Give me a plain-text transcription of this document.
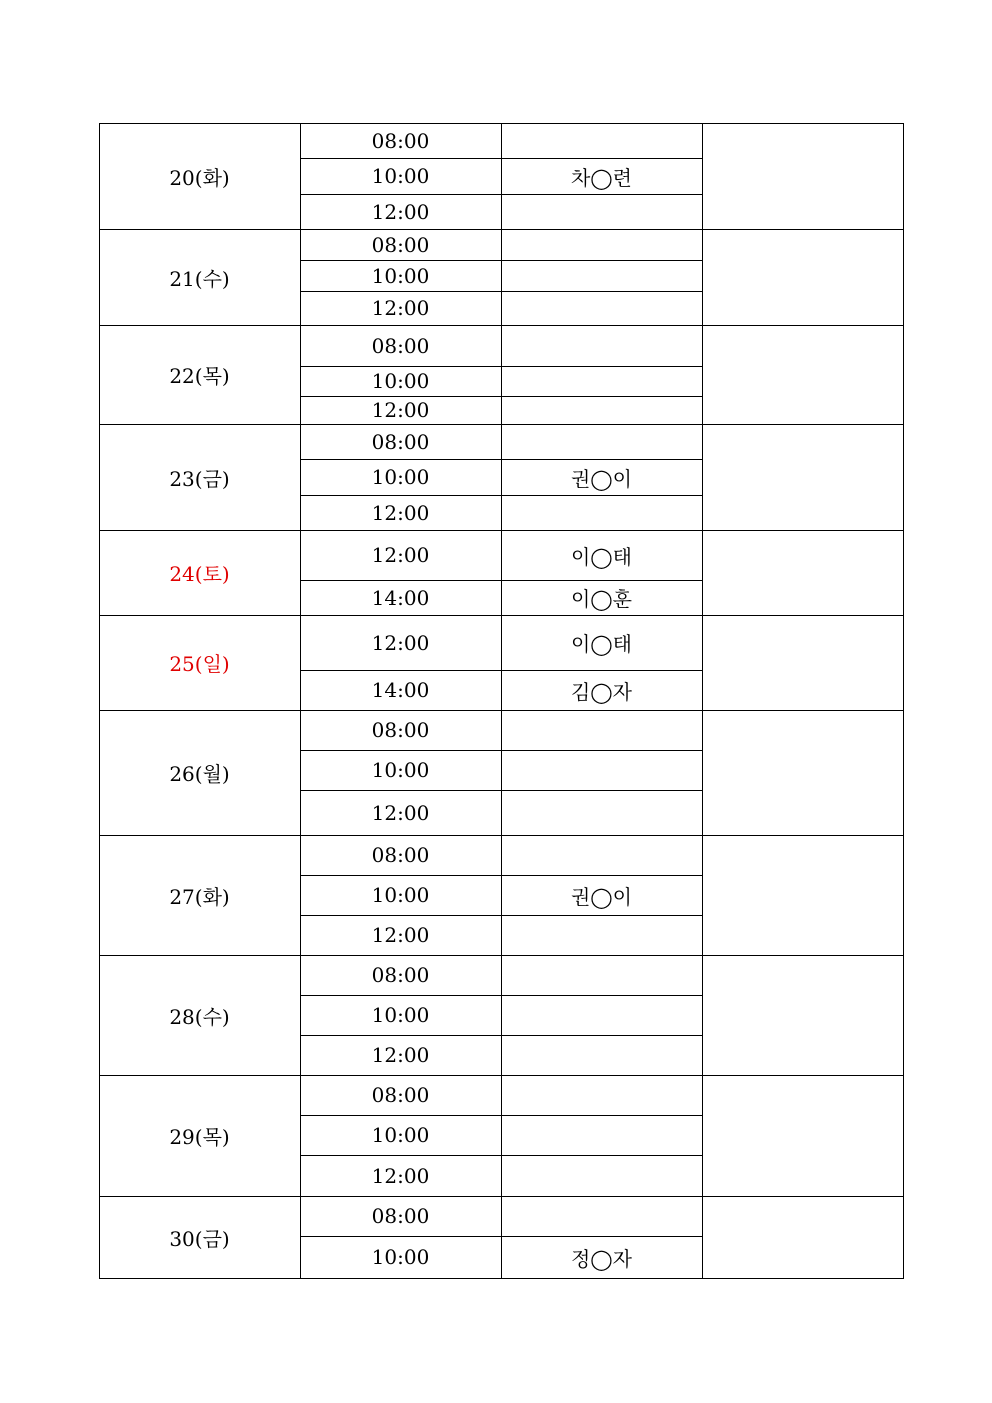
20(화)
08:00
10:00	차◯련
12:00
21(수)
08:00
10:00
12:00
22(목)
08:00
10:00
12:00
23(금)
08:00
10:00	권◯이
12:00
24(토)
12:00	이◯태
14:00	이◯훈
25(일)
12:00	이◯태
14:00	김◯자
26(월)
08:00
10:00
12:00
27(화)
08:00
10:00	권◯이
12:00
28(수)
08:00
10:00
12:00
29(목)
08:00
10:00
12:00
30(금)
08:00
10:00	정◯자
